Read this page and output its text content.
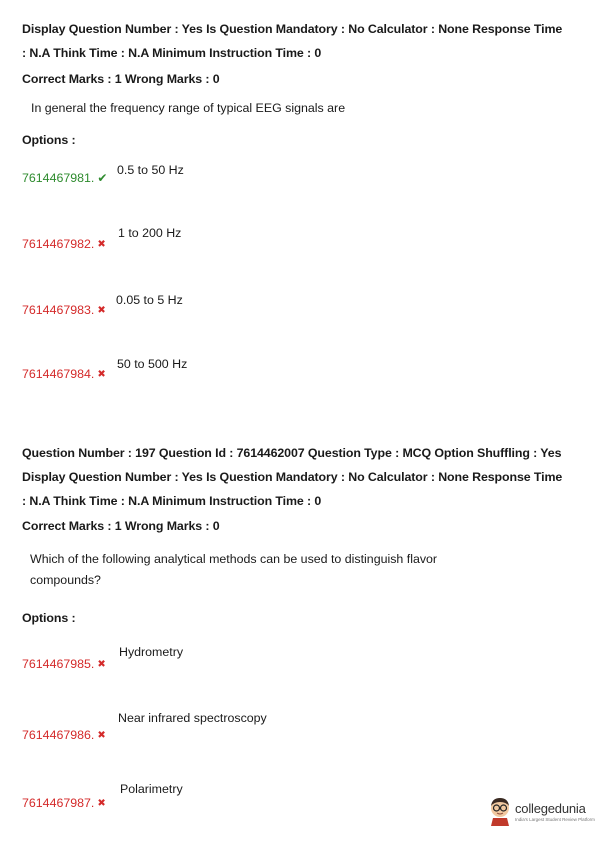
Display Question Number : Yes Is Question Mandatory : No Calculator : None Response Time
: N.A Think Time : N.A Minimum Instruction Time : 0
Correct Marks : 1 Wrong Marks : 0
In general the frequency range of typical EEG signals are
Options :
7614467981. ✔
0.5 to 50 Hz
7614467982. ✖
1 to 200 Hz
7614467983. ✖
0.05 to 5 Hz
7614467984. ✖
50 to 500 Hz
Question Number : 197 Question Id : 7614462007 Question Type : MCQ Option Shuffling : Yes
Display Question Number : Yes Is Question Mandatory : No Calculator : None Response Time
: N.A Think Time : N.A Minimum Instruction Time : 0
Correct Marks : 1 Wrong Marks : 0
Which of the following analytical methods can be used to distinguish flavor compounds?
Options :
7614467985. ✖
Hydrometry
7614467986. ✖
Near infrared spectroscopy
7614467987. ✖
Polarimetry
collegedunia
India's Largest Student Review Platform
